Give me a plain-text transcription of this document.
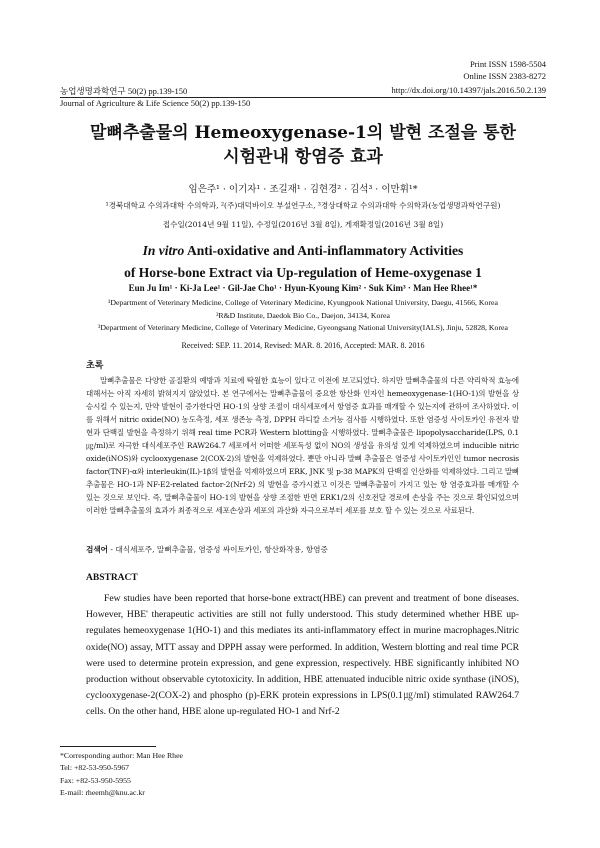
Print ISSN 1598-5504
Online ISSN 2383-8272
농업생명과학연구 50(2) pp.139-150
Journal of Agriculture & Life Science 50(2) pp.139-150
http://dx.doi.org/10.14397/jals.2016.50.2.139
말뼈추출물의 Hemeoxygenase-1의 발현 조절을 통한
시험관내 항염증 효과
임은주¹ · 이기자¹ · 조길재¹ · 김현경² · 김석³ · 이만휘¹*
¹경북대학교 수의과대학 수의학과, ²(주)대덕바이오 부설연구소, ³경상대학교 수의과대학 수의학과(농업생명과학연구원)
접수일(2014년 9월 11일), 수정일(2016년 3월 8일), 게재확정일(2016년 3월 8일)
In vitro Anti-oxidative and Anti-inflammatory Activities
of Horse-bone Extract via Up-regulation of Heme-oxygenase 1
Eun Ju Im¹ · Ki-Ja Lee¹ · Gil-Jae Cho¹ · Hyun-Kyoung Kim² · Suk Kim³ · Man Hee Rhee¹*
¹Department of Veterinary Medicine, College of Veterinary Medicine, Kyungpook National University, Daegu, 41566, Korea
²R&D Institute, Daedok Bio Co., Daejon, 34134, Korea
³Department of Veterinary Medicine, College of Veterinary Medicine, Gyeongsang National University(IALS), Jinju, 52828, Korea
Received: SEP. 11. 2014, Revised: MAR. 8. 2016, Accepted: MAR. 8. 2016
초록
말뼈추출물은 다양한 골질환의 예방과 치료에 탁월한 효능이 있다고 이전에 보고되었다. 하지만 말뼈추출물의 다른 약리학적 효능에 대해서는 아직 자세히 밝혀지지 않았었다. 본 연구에서는 말뼈추출물이 중요한 항산화 인자인 hemeoxygenase-1(HO-1)의 발현을 상승시킬 수 있는지, 만약 발현이 증가한다면 HO-1의 상향 조절이 대식세포에서 항염증 효과를 매개할 수 있는지에 관하여 조사하였다. 이를 위해서 nitric oxide(NO) 농도측정, 세포 생존능 측정, DPPH 라디칼 소거능 검사를 시행하였다. 또한 염증성 사이토카인 유전자 발현과 단백질 발현을 측정하기 위해 real time PCR과 Western blotting을 시행하였다. 말뼈추출물은 lipopolysaccharide(LPS, 0.1㎍/ml)로 자극한 대식세포주인 RAW264.7 세포에서 어떠한 세포독성 없이 NO의 생성을 유의성 있게 억제하였으며 inducible nitric oxide(iNOS)와 cyclooxygenase 2(COX-2)의 발현을 억제하였다. 뿐만 아니라 말뼈 추출물은 염증성 사이토카인인 tumor necrosis factor(TNF)-α와 interleukin(IL)-1β의 발현을 억제하였으며 ERK, JNK 및 p-38 MAPK의 단백질 인산화를 억제하였다. 그리고 말뼈추출물은 HO-1과 NF-E2-related factor-2(Nrf-2) 의 발현을 증가시켰고 이것은 말뼈추출물이 가지고 있는 항 염증효과를 매개할 수 있는 것으로 보인다. 즉, 말뼈추출물이 HO-1의 발현을 상향 조절한 반면 ERK1/2의 신호전달 경로에 손상을 주는 것으로 확인되었으며 이러한 말뼈추출물의 효과가 최종적으로 세포손상과 세포의 과산화 자극으로부터 세포를 보호 할 수 있는 것으로 사료된다.
검색어 - 대식세포주, 말뼈추출물, 염증성 싸이토카인, 항산화작용, 항염증
ABSTRACT
Few studies have been reported that horse-bone extract(HBE) can prevent and treatment of bone diseases. However, HBE' therapeutic activities are still not fully understood. This study determined whether HBE up-regulates hemeoxygenase 1(HO-1) and this mediates its anti-inflammatory effect in murine macrophages.Nitric oxide(NO) assay, MTT assay and DPPH assay were performed. In addition, Western blotting and real time PCR were used to determine protein expression, and gene expression, respectively. HBE significantly inhibited NO production without observable cytotoxicity. In addition, HBE attenuated inducible nitric oxide synthase (iNOS), cyclooxygenase-2(COX-2) and phospho (p)-ERK protein expressions in LPS(0.1㎍/ml) stimulated RAW264.7 cells. On the other hand, HBE alone up-regulated HO-1 and Nrf-2
*Corresponding author: Man Hee Rhee
Tel: +82-53-950-5967
Fax: +82-53-950-5955
E-mail: rheemh@knu.ac.kr
